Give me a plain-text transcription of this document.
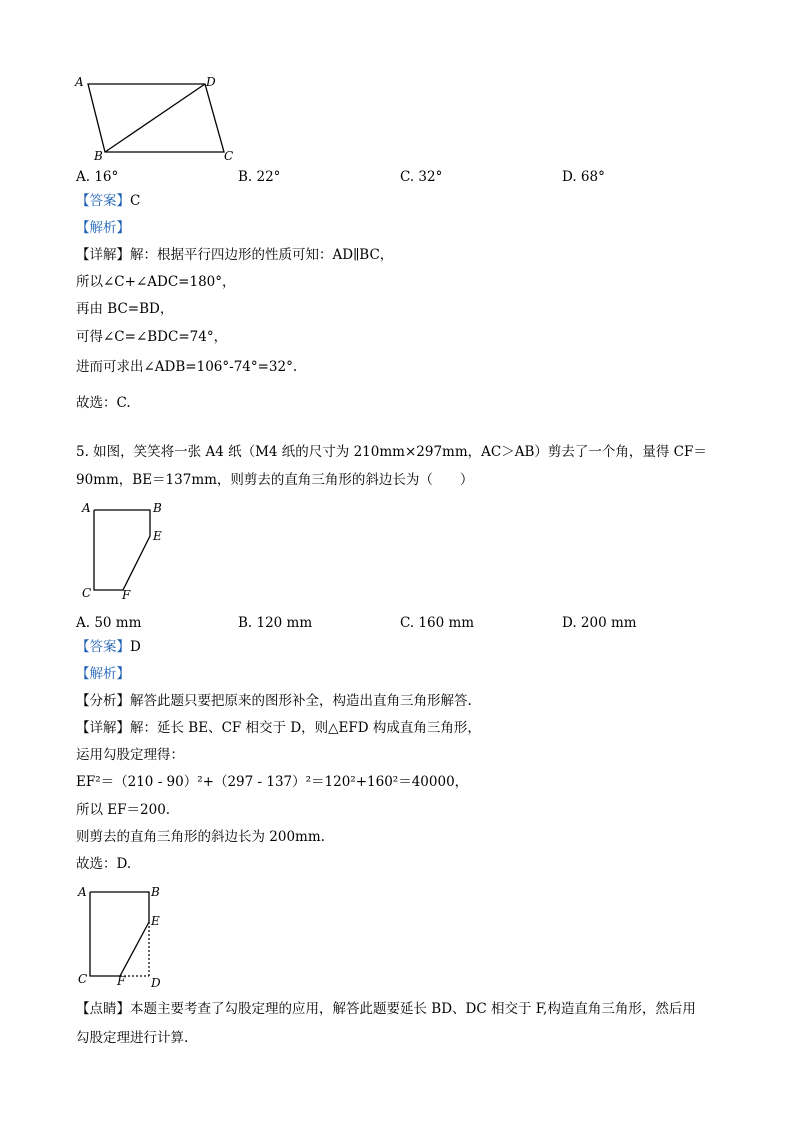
A	D
B	C
A. 16°	B. 22°	C. 32°	D. 68°
【答案】C
【解析】
【详解】解：根据平行四边形的性质可知：AD∥BC，
所以∠C+∠ADC=180°，
再由 BC=BD，
可得∠C=∠BDC=74°，
进而可求出∠ADB=106°-74°=32°.
故选：C.
5. 如图，笑笑将一张 A4 纸（M4 纸的尺寸为 210mm×297mm，AC＞AB）剪去了一个角，量得 CF＝
90mm，BE＝137mm，则剪去的直角三角形的斜边长为（　　）
A	B
E
C	F
A. 50 mm	B. 120 mm	C. 160 mm	D. 200 mm
【答案】D
【解析】
【分析】解答此题只要把原来的图形补全，构造出直角三角形解答.
【详解】解：延长 BE、CF 相交于 D，则△EFD 构成直角三角形，
运用勾股定理得：
EF²＝（210 - 90）²+（297 - 137）²＝120²+160²＝40000，
所以 EF＝200.
则剪去的直角三角形的斜边长为 200mm.
故选：D.
A	B
E
C F D
【点睛】本题主要考查了勾股定理的应用，解答此题要延长 BD、DC 相交于 F,构造直角三角形，然后用
勾股定理进行计算.
